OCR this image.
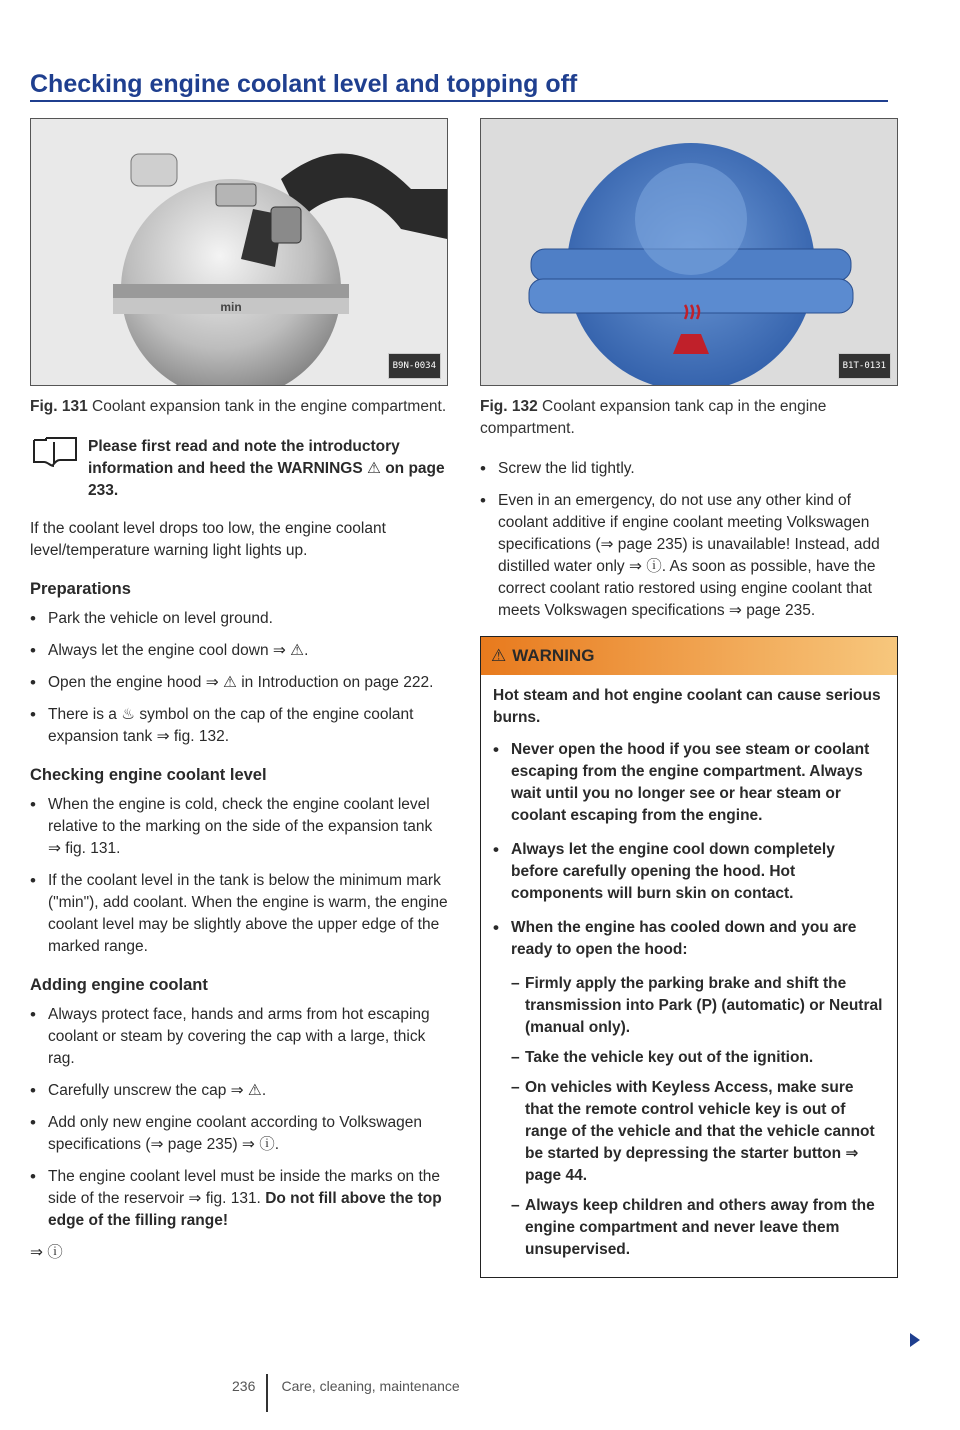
Checking engine coolant level and topping off
min
B9N-0034
Fig. 131 Coolant expansion tank in the engine compartment.
Please first read and note the introductory information and heed the WARNINGS ⚠ on page 233.

If the coolant level drops too low, the engine coolant level/temperature warning light lights up.

Preparations
• Park the vehicle on level ground.
• Always let the engine cool down ⇒ ⚠.
• Open the engine hood ⇒ ⚠ in Introduction on page 222.
• There is a ♨ symbol on the cap of the engine coolant expansion tank ⇒ fig. 132.
Checking engine coolant level
• When the engine is cold, check the engine coolant level relative to the marking on the side of the expansion tank ⇒ fig. 131.
• If the coolant level in the tank is below the minimum mark ("min"), add coolant. When the engine is warm, the engine coolant level may be slightly above the upper edge of the marked range.
Adding engine coolant
• Always protect face, hands and arms from hot escaping coolant or steam by covering the cap with a large, thick rag.
• Carefully unscrew the cap ⇒ ⚠.
• Add only new engine coolant according to Volkswagen specifications (⇒ page 235) ⇒ ⓘ.
• The engine coolant level must be inside the marks on the side of the reservoir ⇒ fig. 131. Do not fill above the top edge of the filling range!

⇒ ⓘ

B1T-0131
Fig. 132 Coolant expansion tank cap in the engine compartment.
• Screw the lid tightly.
• Even in an emergency, do not use any other kind of coolant additive if engine coolant meeting Volkswagen specifications (⇒ page 235) is unavailable! Instead, add distilled water only ⇒ ⓘ. As soon as possible, have the correct coolant ratio restored using engine coolant that meets Volkswagen specifications ⇒ page 235.
⚠ WARNING

Hot steam and hot engine coolant can cause serious burns.

• Never open the hood if you see steam or coolant escaping from the engine compartment. Always wait until you no longer see or hear steam or coolant escaping from the engine.
• Always let the engine cool down completely before carefully opening the hood. Hot components will burn skin on contact.
• When the engine has cooled down and you are ready to open the hood:
– Firmly apply the parking brake and shift the transmission into Park (P) (automatic) or Neutral (manual only).
– Take the vehicle key out of the ignition.
– On vehicles with Keyless Access, make sure that the remote control vehicle key is out of range of the vehicle and that the vehicle cannot be started by depressing the starter button ⇒ page 44.
– Always keep children and others away from the engine compartment and never leave them unsupervised.
236 Care, cleaning, maintenance
